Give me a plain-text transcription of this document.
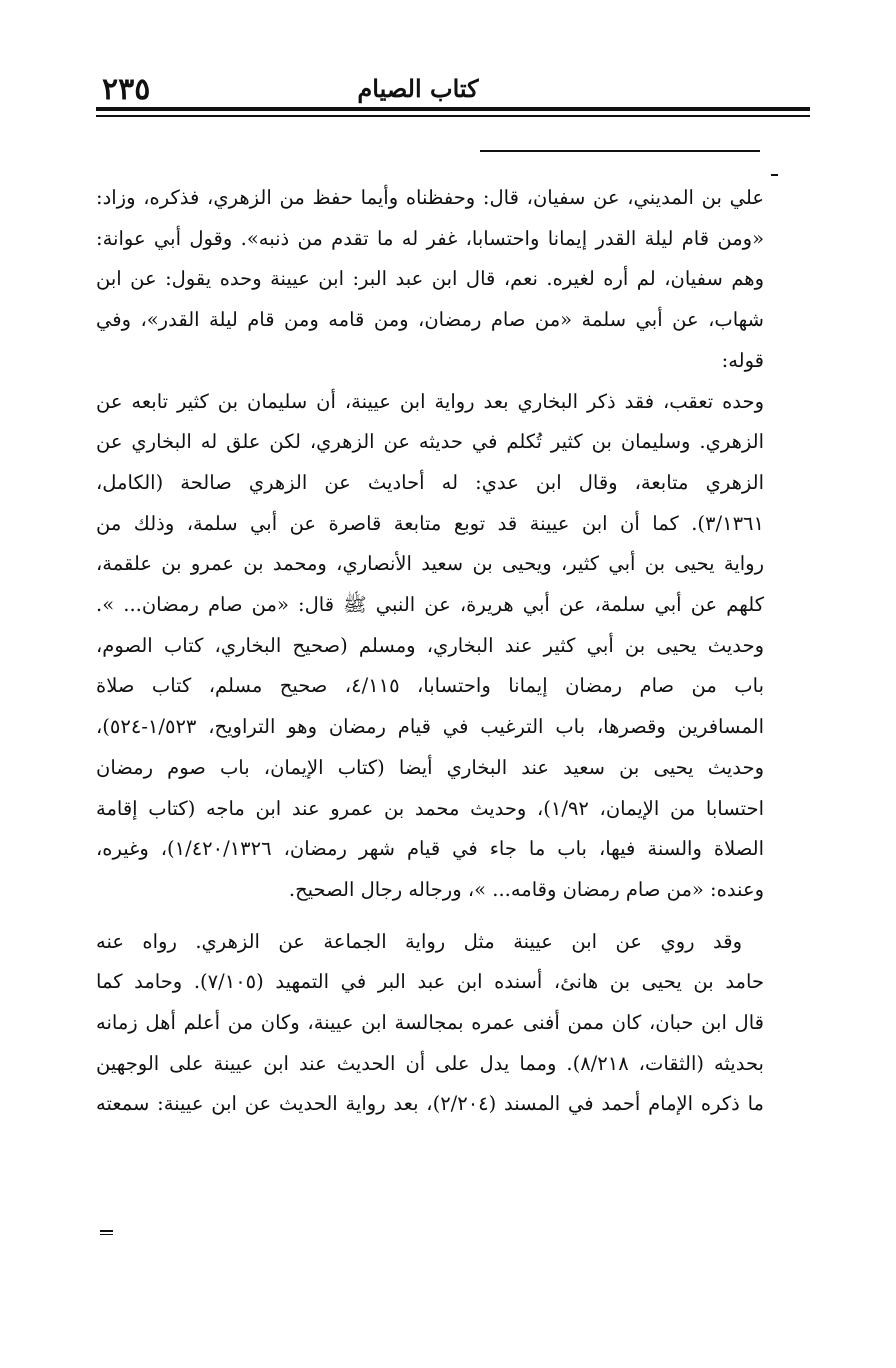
٢٣٥	كتاب الصيام

علي بن المديني، عن سفيان، قال: وحفظناه وأيما حفظ من الزهري، فذكره، وزاد:

«ومن قام ليلة القدر إيمانا واحتسابا، غفر له ما تقدم من ذنبه». وقول أبي عوانة:

وهم سفيان، لم أره لغيره. نعم، قال ابن عبد البر: ابن عيينة وحده يقول: عن ابن

شهاب، عن أبي سلمة «من صام رمضان، ومن قامه ومن قام ليلة القدر»، وفي قوله:

وحده تعقب، فقد ذكر البخاري بعد رواية ابن عيينة، أن سليمان بن كثير تابعه عن

الزهري. وسليمان بن كثير تُكلم في حديثه عن الزهري، لكن علق له البخاري عن

الزهري متابعة، وقال ابن عدي: له أحاديث عن الزهري صالحة (الكامل،

٣/١٣٦١). كما أن ابن عيينة قد توبع متابعة قاصرة عن أبي سلمة، وذلك من

رواية يحيى بن أبي كثير، ويحيى بن سعيد الأنصاري، ومحمد بن عمرو بن علقمة،

كلهم عن أبي سلمة، عن أبي هريرة، عن النبي ﷺ قال: «من صام رمضان... ».

وحديث يحيى بن أبي كثير عند البخاري، ومسلم (صحيح البخاري، كتاب الصوم،

باب من صام رمضان إيمانا واحتسابا، ٤/١١٥، صحيح مسلم، كتاب صلاة

المسافرين وقصرها، باب الترغيب في قيام رمضان وهو التراويح، ١/٥٢٣-٥٢٤)،

وحديث يحيى بن سعيد عند البخاري أيضا (كتاب الإيمان، باب صوم رمضان

احتسابا من الإيمان، ١/٩٢)، وحديث محمد بن عمرو عند ابن ماجه (كتاب إقامة

الصلاة والسنة فيها، باب ما جاء في قيام شهر رمضان، ١/٤٢٠/١٣٢٦)، وغيره،

وعنده: «من صام رمضان وقامه... »، ورجاله رجال الصحيح.

وقد روي عن ابن عيينة مثل رواية الجماعة عن الزهري. رواه عنه

حامد بن يحيى بن هانئ، أسنده ابن عبد البر في التمهيد (٧/١٠٥). وحامد كما

قال ابن حبان، كان ممن أفنى عمره بمجالسة ابن عيينة، وكان من أعلم أهل زمانه

بحديثه (الثقات، ٨/٢١٨). ومما يدل على أن الحديث عند ابن عيينة على الوجهين

ما ذكره الإمام أحمد في المسند (٢/٢٠٤)، بعد رواية الحديث عن ابن عيينة: سمعته
